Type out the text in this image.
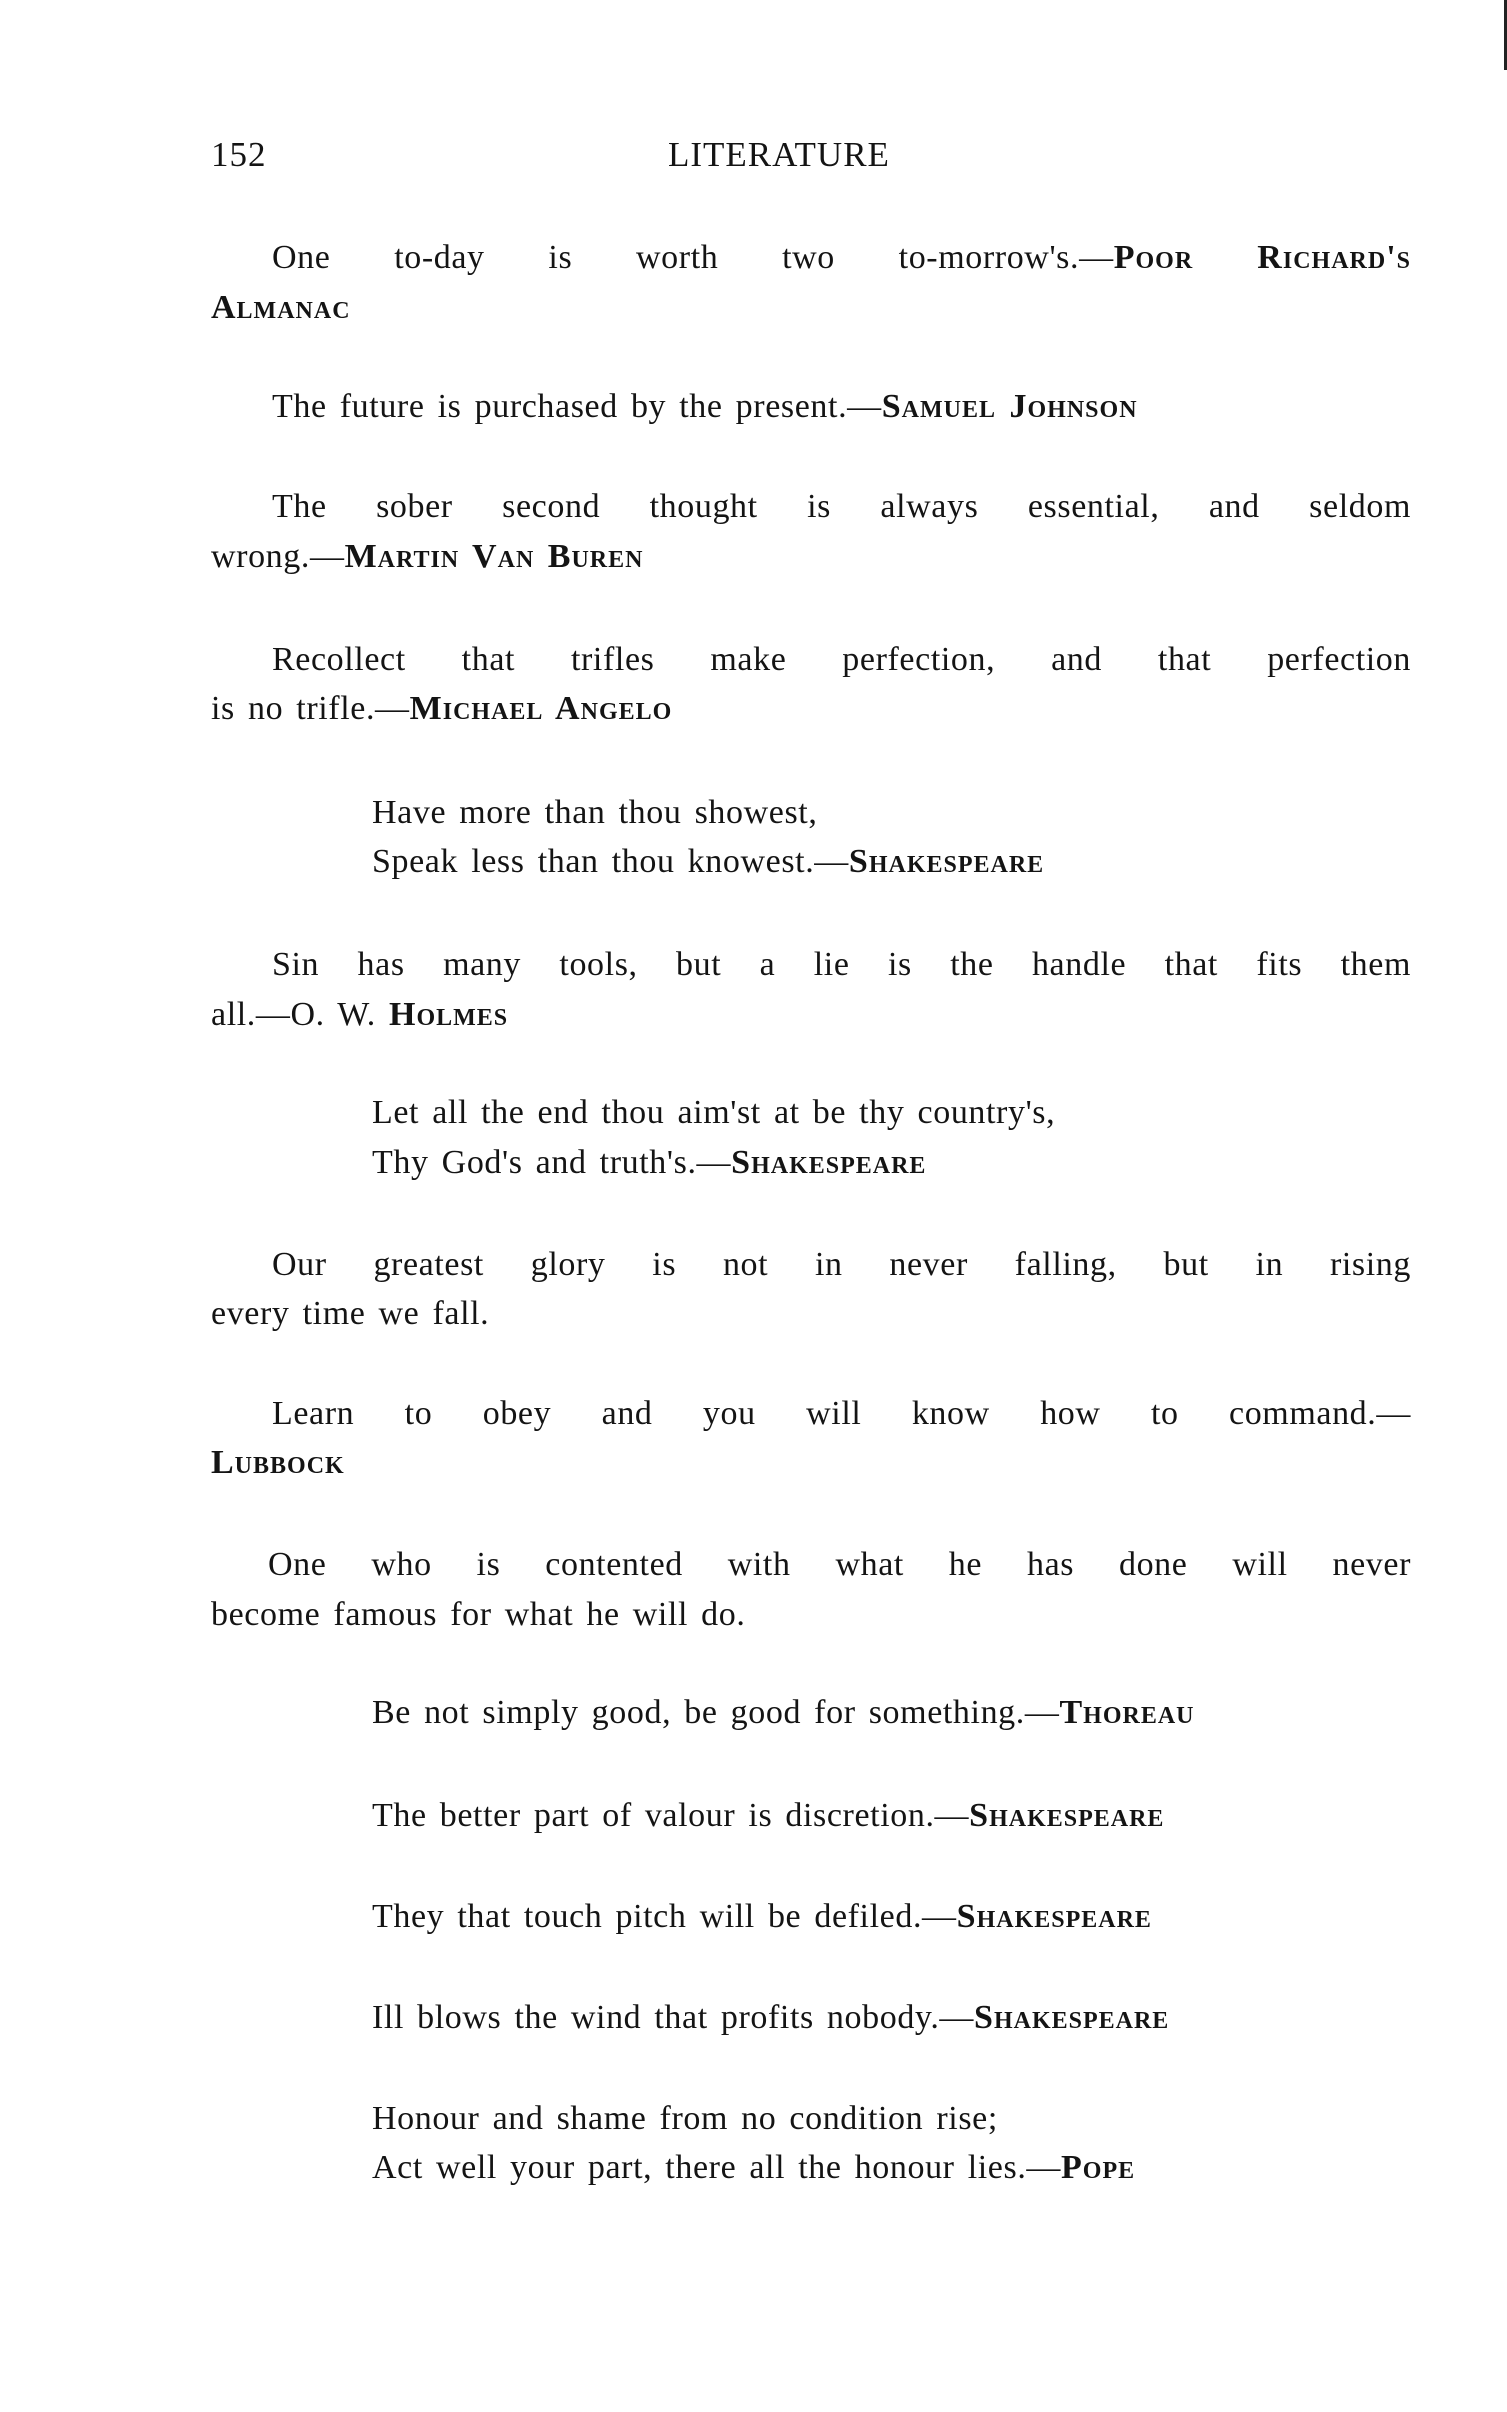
152	LITERATURE
One to-day is worth two to-morrow's.—Poor Richard's
Almanac
The future is purchased by the present.—Samuel Johnson
The sober second thought is always essential, and seldom
wrong.—Martin Van Buren
Recollect that trifles make perfection, and that perfection
is no trifle.—Michael Angelo
Have more than thou showest,
Speak less than thou knowest.—Shakespeare
Sin has many tools, but a lie is the handle that fits them
all.—O. W. Holmes
Let all the end thou aim'st at be thy country's,
Thy God's and truth's.—Shakespeare
Our greatest glory is not in never falling, but in rising
every time we fall.
Learn to obey and you will know how to command.—
Lubbock
One who is contented with what he has done will never
become famous for what he will do.
Be not simply good, be good for something.—Thoreau
The better part of valour is discretion.—Shakespeare
They that touch pitch will be defiled.—Shakespeare
Ill blows the wind that profits nobody.—Shakespeare
Honour and shame from no condition rise;
Act well your part, there all the honour lies.—Pope
